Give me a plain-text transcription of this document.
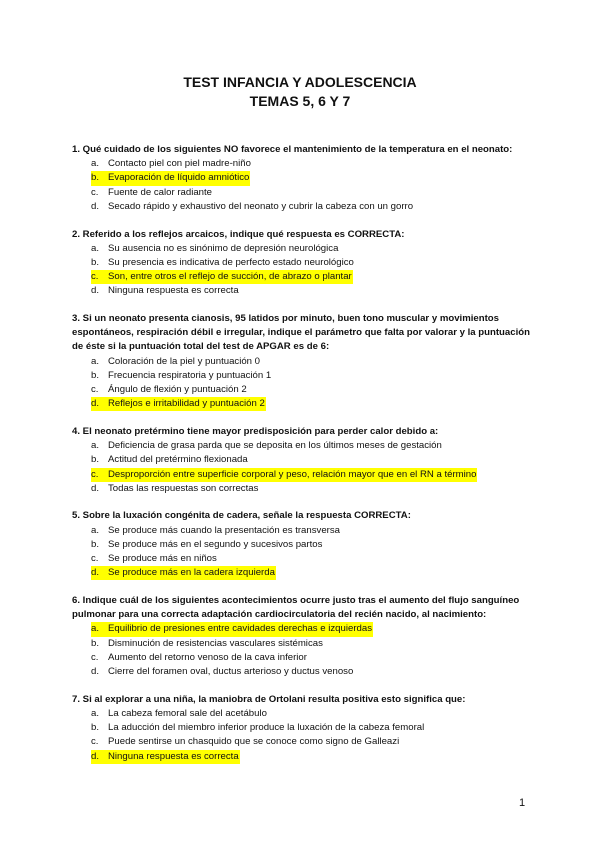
TEST INFANCIA Y ADOLESCENCIA
TEMAS 5, 6 Y 7
1. Qué cuidado de los siguientes NO favorece el mantenimiento de la temperatura en el neonato:
a. Contacto piel con piel madre-niño
b. Evaporación de líquido amniótico
c. Fuente de calor radiante
d. Secado rápido y exhaustivo del neonato y cubrir la cabeza con un gorro
2. Referido a los reflejos arcaicos, indique qué respuesta es CORRECTA:
a. Su ausencia no es sinónimo de depresión neurológica
b. Su presencia es indicativa de perfecto estado neurológico
c. Son, entre otros el reflejo de succión, de abrazo o plantar
d. Ninguna respuesta es correcta
3. Si un neonato presenta cianosis, 95 latidos por minuto, buen tono muscular y movimientos espontáneos, respiración débil e irregular, indique el parámetro que falta por valorar y la puntuación de éste si la puntuación total del test de APGAR es de 6:
a. Coloración de la piel y puntuación 0
b. Frecuencia respiratoria y puntuación 1
c. Ángulo de flexión y puntuación 2
d. Reflejos e irritabilidad y puntuación 2
4. El neonato pretérmino tiene mayor predisposición para perder calor debido a:
a. Deficiencia de grasa parda que se deposita en los últimos meses de gestación
b. Actitud del pretérmino flexionada
c. Desproporción entre superficie corporal y peso, relación mayor que en el RN a término
d. Todas las respuestas son correctas
5. Sobre la luxación congénita de cadera, señale la respuesta CORRECTA:
a. Se produce más cuando la presentación es transversa
b. Se produce más en el segundo y sucesivos partos
c. Se produce más en niños
d. Se produce más en la cadera izquierda
6. Indique cuál de los siguientes acontecimientos ocurre justo tras el aumento del flujo sanguíneo pulmonar para una correcta adaptación cardiocirculatoria del recién nacido, al nacimiento:
a. Equilibrio de presiones entre cavidades derechas e izquierdas
b. Disminución de resistencias vasculares sistémicas
c. Aumento del retorno venoso de la cava inferior
d. Cierre del foramen oval, ductus arterioso y ductus venoso
7. Si al explorar a una niña, la maniobra de Ortolani resulta positiva esto significa que:
a. La cabeza femoral sale del acetábulo
b. La aducción del miembro inferior produce la luxación de la cabeza femoral
c. Puede sentirse un chasquido que se conoce como signo de Galleazi
d. Ninguna respuesta es correcta
1
